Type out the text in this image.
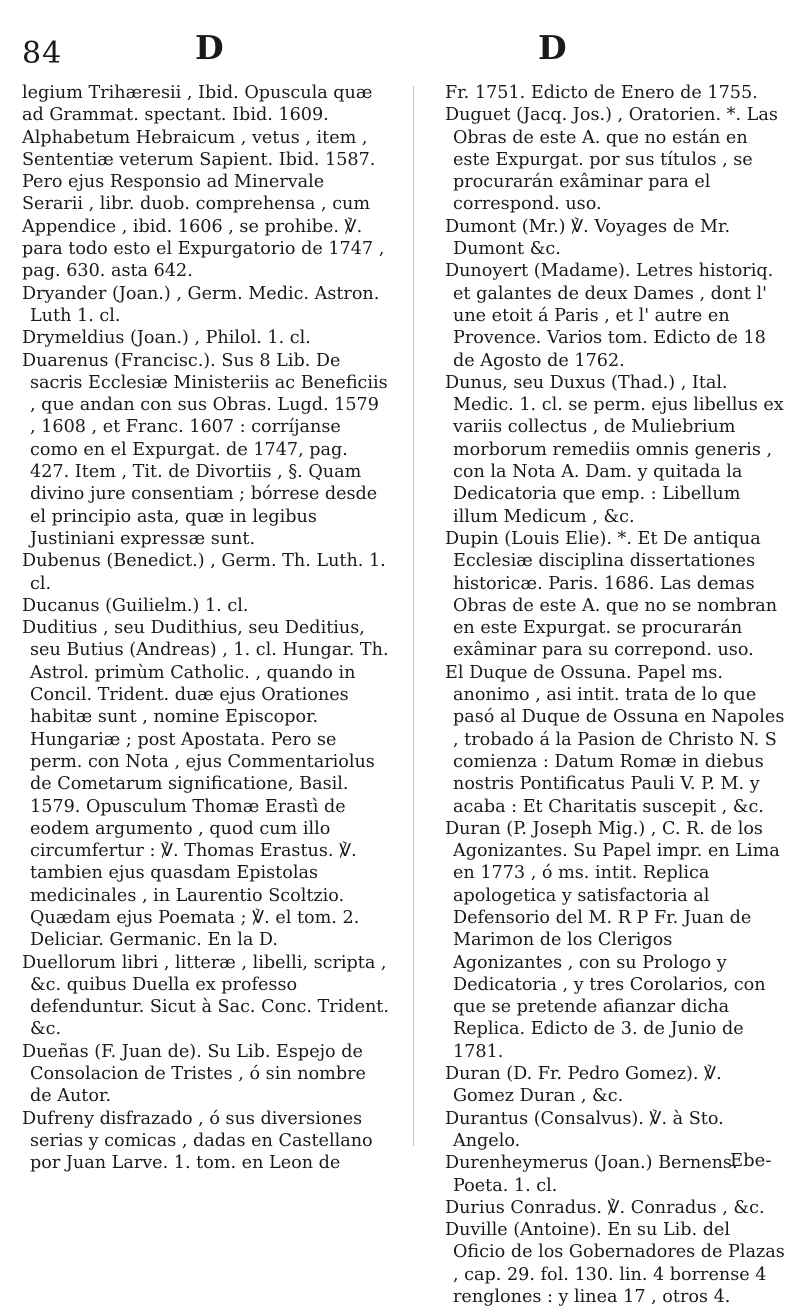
84	D	D

legium Trihæresii , Ibid. Opuscula quæ ad Grammat. spectant. Ibid. 1609. Alphabetum Hebraicum , vetus , item , Sententiæ veterum Sapient. Ibid. 1587. Pero ejus Responsio ad Minervale Serarii , libr. duob. comprehensa , cum Appendice , ibid. 1606 , se prohibe. ℣. para todo esto el Expurgatorio de 1747 , pag. 630. asta 642.

Dryander (Joan.) , Germ. Medic. Astron. Luth 1. cl.

Drymeldius (Joan.) , Philol. 1. cl.

Duarenus (Francisc.). Sus 8 Lib. De sacris Ecclesiæ Ministeriis ac Beneficiis , que andan con sus Obras. Lugd. 1579 , 1608 , et Franc. 1607 : corríjanse como en el Expurgat. de 1747, pag. 427. Item , Tit. de Divortiis , §. Quam divino jure consentiam ; bórrese desde el principio asta, quæ in legibus Justiniani expressæ sunt.

Dubenus (Benedict.) , Germ. Th. Luth. 1. cl.

Ducanus (Guilielm.) 1. cl.

Duditius , seu Dudithius, seu Deditius, seu Butius (Andreas) , 1. cl. Hungar. Th. Astrol. primùm Catholic. , quando in Concil. Trident. duæ ejus Orationes habitæ sunt , nomine Episcopor. Hungariæ ; post Apostata. Pero se perm. con Nota , ejus Commentariolus de Cometarum significatione, Basil. 1579. Opusculum Thomæ Erastì de eodem argumento , quod cum illo circumfertur : ℣. Thomas Erastus. ℣. tambien ejus quasdam Epistolas medicinales , in Laurentio Scoltzio. Quædam ejus Poemata ; ℣. el tom. 2. Deliciar. Germanic. En la D.

Duellorum libri , litteræ , libelli, scripta , &c. quibus Duella ex professo defenduntur. Sicut à Sac. Conc. Trident. &c.

Dueñas (F. Juan de). Su Lib. Espejo de Consolacion de Tristes , ó sin nombre de Autor.

Dufreny disfrazado , ó sus diversiones serias y comicas , dadas en Castellano por Juan Larve. 1. tom. en Leon de

Fr. 1751. Edicto de Enero de 1755.

Duguet (Jacq. Jos.) , Oratorien. *. Las Obras de este A. que no están en este Expurgat. por sus títulos , se procurarán exâminar para el correspond. uso.

Dumont (Mr.) ℣. Voyages de Mr. Dumont &c.

Dunoyert (Madame). Letres historiq. et galantes de deux Dames , dont l' une etoit á Paris , et l' autre en Provence. Varios tom. Edicto de 18 de Agosto de 1762.

Dunus, seu Duxus (Thad.) , Ital. Medic. 1. cl. se perm. ejus libellus ex variis collectus , de Muliebrium morborum remediis omnis generis , con la Nota A. Dam. y quitada la Dedicatoria que emp. : Libellum illum Medicum , &c.

Dupin (Louis Elie). *. Et De antiqua Ecclesiæ disciplina dissertationes historicæ. Paris. 1686. Las demas Obras de este A. que no se nombran en este Expurgat. se procurarán exâminar para su correpond. uso.

El Duque de Ossuna. Papel ms. anonimo , asi intit. trata de lo que pasó al Duque de Ossuna en Napoles , trobado á la Pasion de Christo N. S comienza : Datum Romæ in diebus nostris Pontificatus Pauli V. P. M. y acaba : Et Charitatis suscepit , &c.

Duran (P. Joseph Mig.) , C. R. de los Agonizantes. Su Papel impr. en Lima en 1773 , ó ms. intit. Replica apologetica y satisfactoria al Defensorio del M. R P Fr. Juan de Marimon de los Clerigos Agonizantes , con su Prologo y Dedicatoria , y tres Corolarios, con que se pretende afianzar dicha Replica. Edicto de 3. de Junio de 1781.

Duran (D. Fr. Pedro Gomez). ℣. Gomez Duran , &c.

Durantus (Consalvus). ℣. à Sto. Angelo.

Durenheymerus (Joan.) Bernens. Poeta. 1. cl.

Durius Conradus. ℣. Conradus , &c.

Duville (Antoine). En su Lib. del Oficio de los Gobernadores de Plazas , cap. 29. fol. 130. lin. 4 borrense 4 renglones : y linea 17 , otros 4.

Ebe-
